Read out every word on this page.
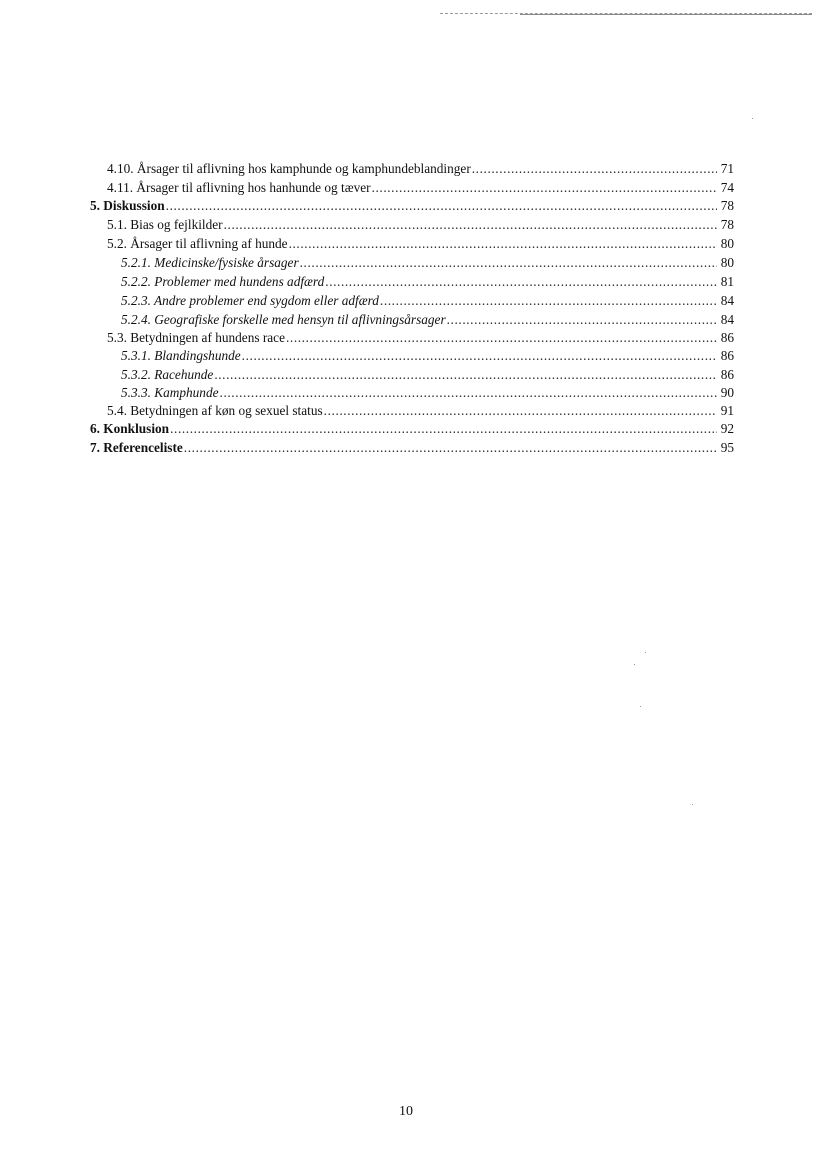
4.10. Årsager til aflivning hos kamphunde og kamphundeblandinger .....	71
4.11. Årsager til aflivning hos hanhunde og tæver .....	74
5. Diskussion .....	78
5.1. Bias og fejlkilder .....	78
5.2. Årsager til aflivning af hunde .....	80
5.2.1. Medicinske/fysiske årsager .....	80
5.2.2. Problemer med hundens adfærd .....	81
5.2.3. Andre problemer end sygdom eller adfærd .....	84
5.2.4. Geografiske forskelle med hensyn til aflivningsårsager .....	84
5.3. Betydningen af hundens race .....	86
5.3.1. Blandingshunde .....	86
5.3.2. Racehunde .....	86
5.3.3. Kamphunde .....	90
5.4. Betydningen af køn og sexuel status .....	91
6. Konklusion .....	92
7. Referenceliste .....	95
10
